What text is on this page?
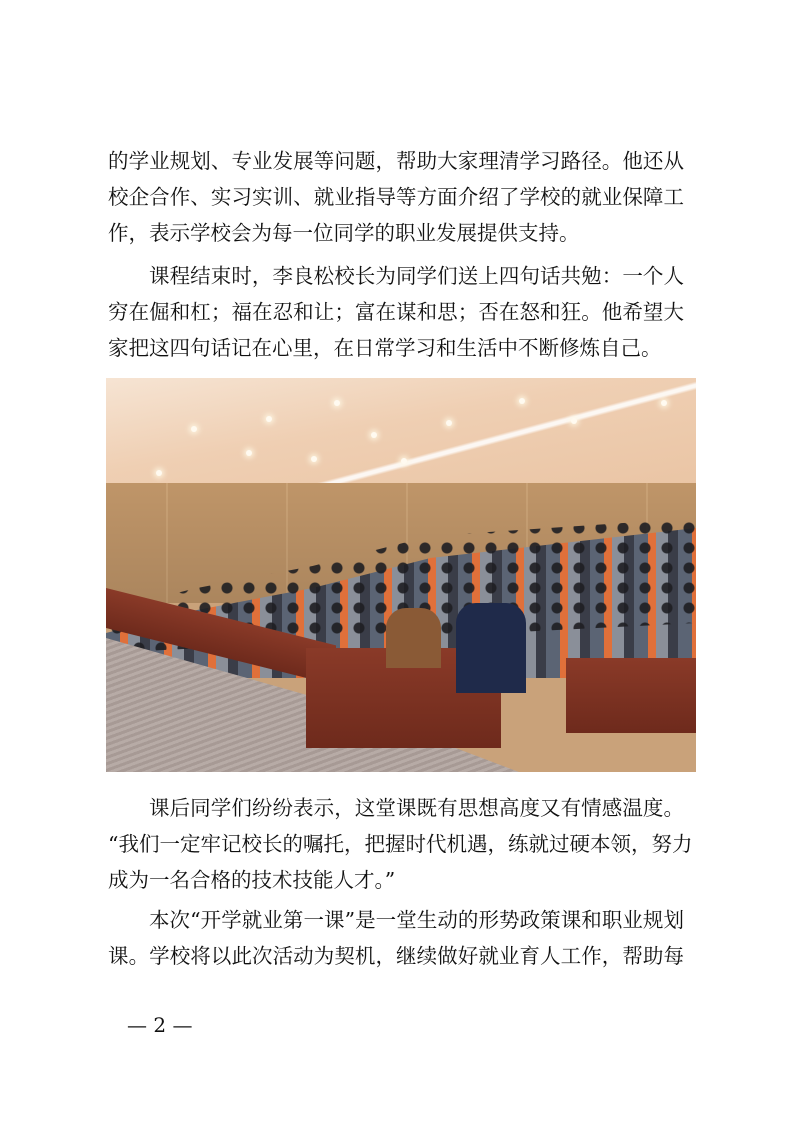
的学业规划、专业发展等问题，帮助大家理清学习路径。他还从
校企合作、实习实训、就业指导等方面介绍了学校的就业保障工
作，表示学校会为每一位同学的职业发展提供支持。
课程结束时，李良松校长为同学们送上四句话共勉：一个人
穷在倔和杠；福在忍和让；富在谋和思；否在怒和狂。他希望大
家把这四句话记在心里，在日常学习和生活中不断修炼自己。
课后同学们纷纷表示，这堂课既有思想高度又有情感温度。
“我们一定牢记校长的嘱托，把握时代机遇，练就过硬本领，努力
成为一名合格的技术技能人才。”
本次“开学就业第一课”是一堂生动的形势政策课和职业规划
课。学校将以此次活动为契机，继续做好就业育人工作，帮助每
— 2 —
